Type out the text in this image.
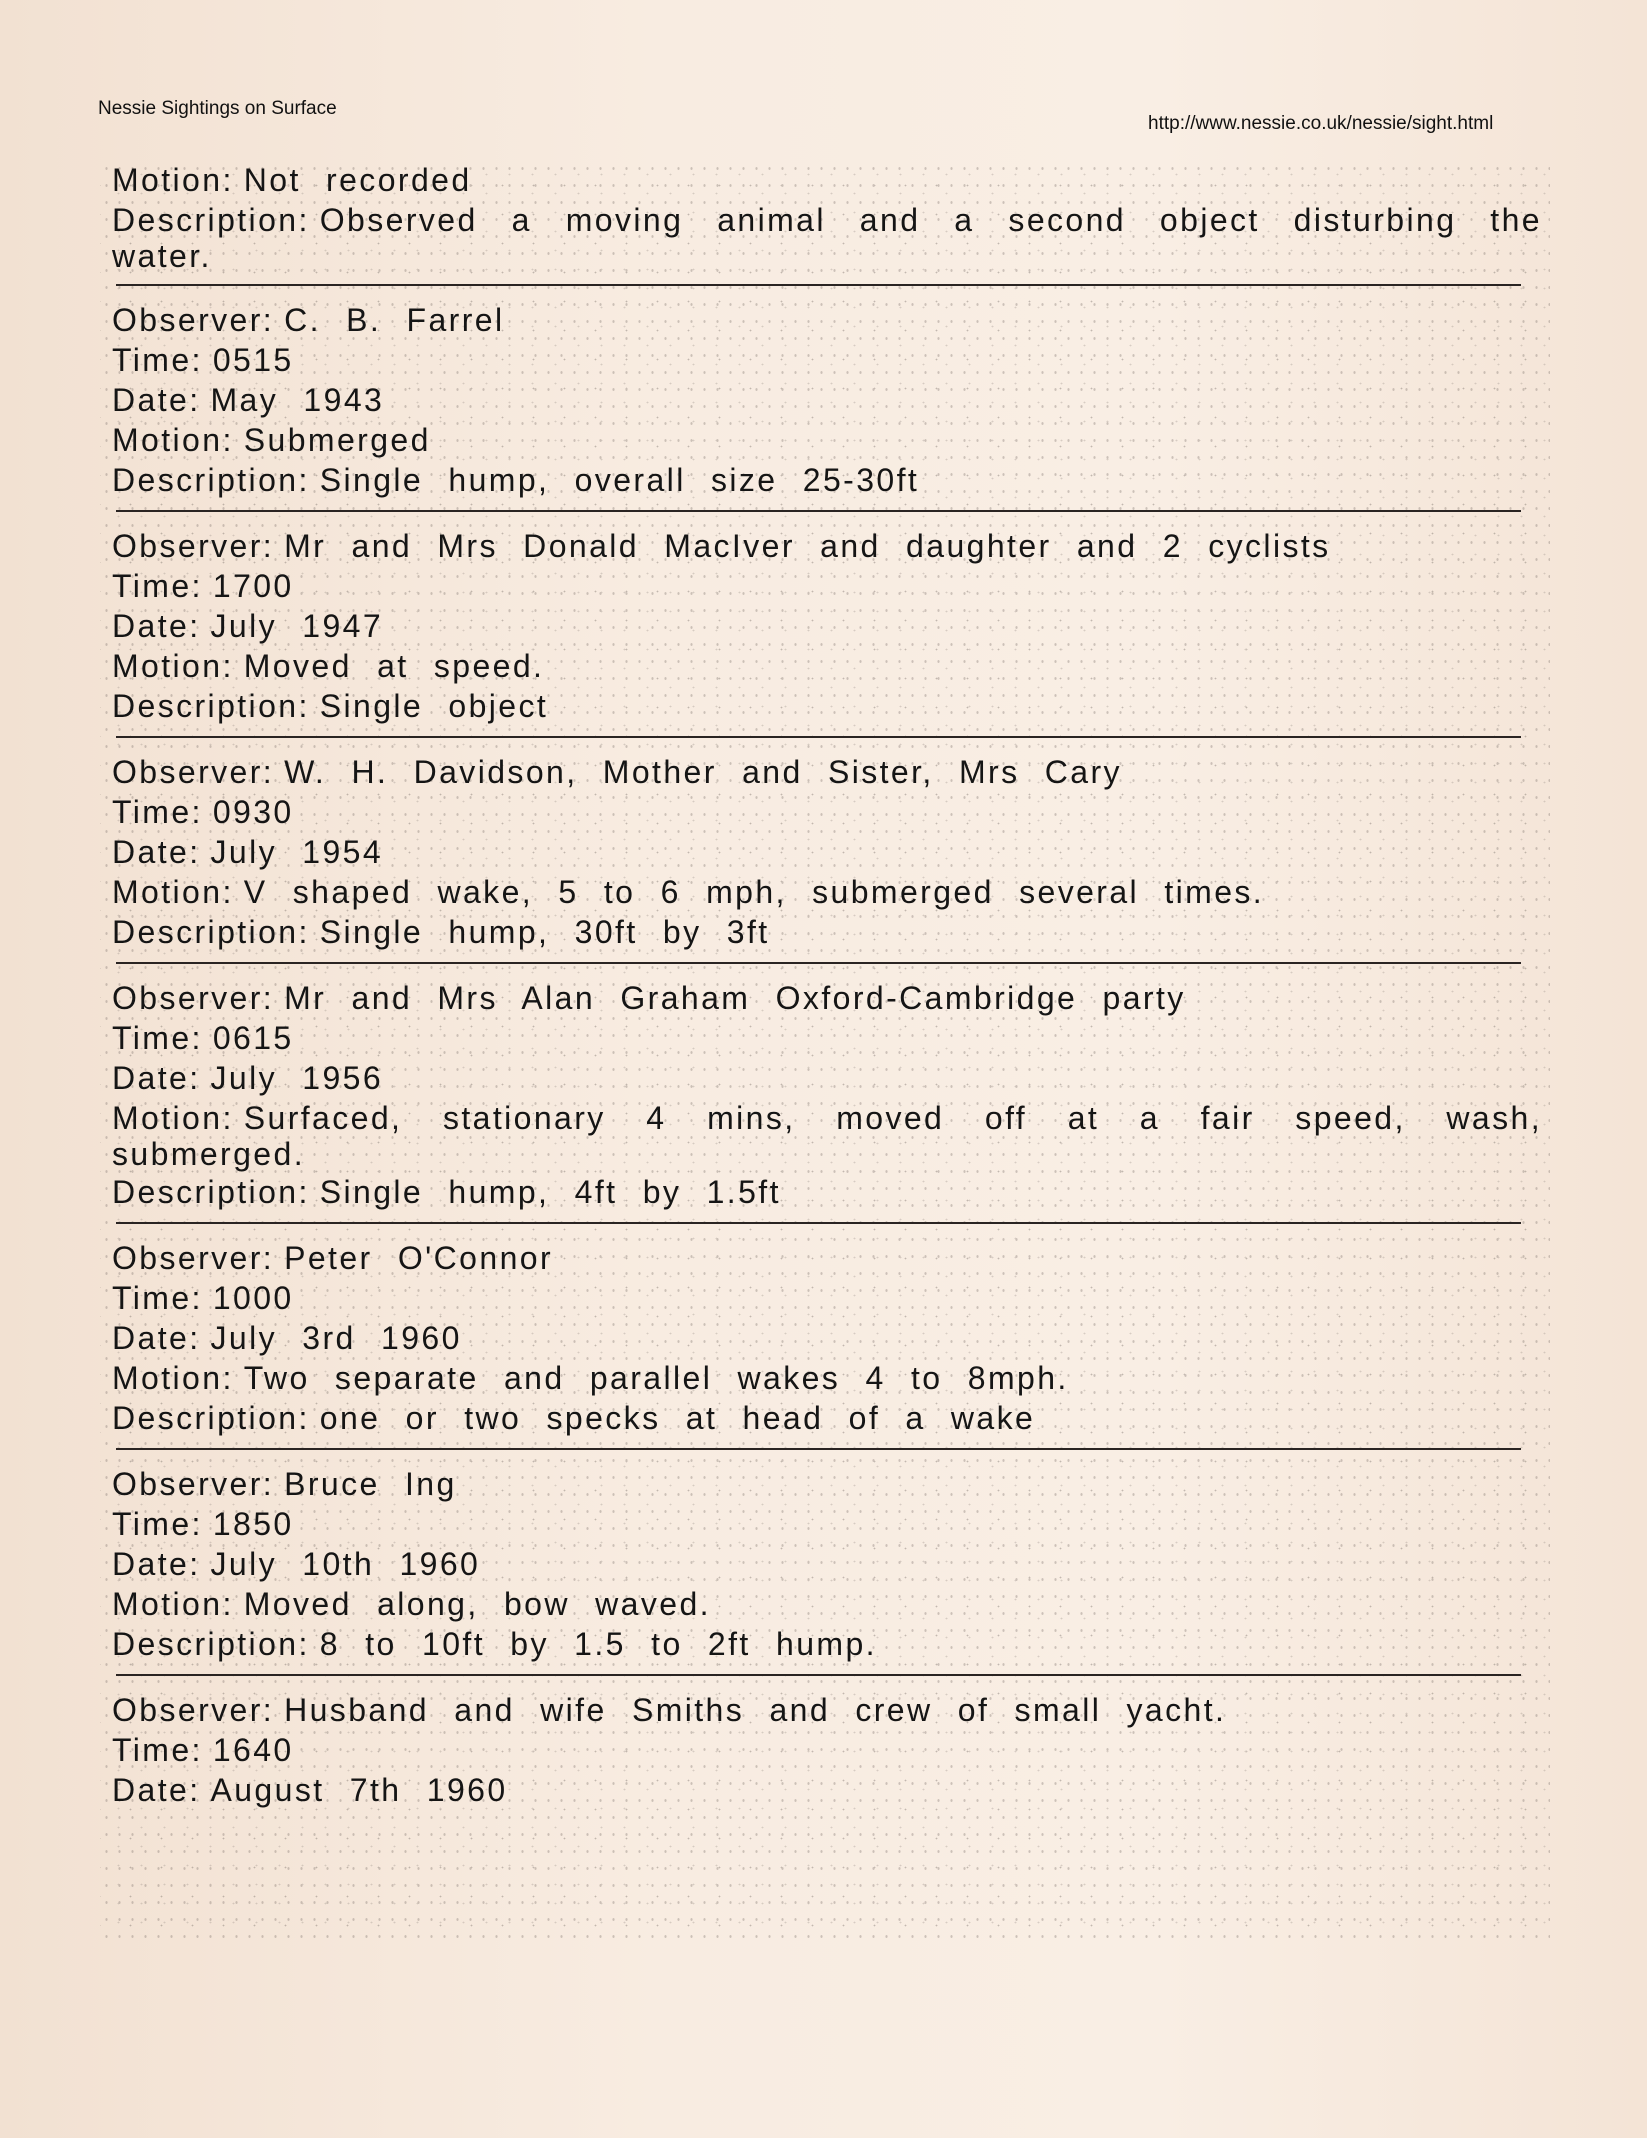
Nessie Sightings on Surface
http://www.nessie.co.uk/nessie/sight.html
Motion: Not recorded
Description: Observed a moving animal and a second object disturbing the water.
Observer: C. B. Farrel
Time: 0515
Date: May 1943
Motion: Submerged
Description: Single hump, overall size 25-30ft
Observer: Mr and Mrs Donald MacIver and daughter and 2 cyclists
Time: 1700
Date: July 1947
Motion: Moved at speed.
Description: Single object
Observer: W. H. Davidson, Mother and Sister, Mrs Cary
Time: 0930
Date: July 1954
Motion: V shaped wake, 5 to 6 mph, submerged several times.
Description: Single hump, 30ft by 3ft
Observer: Mr and Mrs Alan Graham Oxford-Cambridge party
Time: 0615
Date: July 1956
Motion: Surfaced, stationary 4 mins, moved off at a fair speed, wash, submerged.
Description: Single hump, 4ft by 1.5ft
Observer: Peter O'Connor
Time: 1000
Date: July 3rd 1960
Motion: Two separate and parallel wakes 4 to 8mph.
Description: one or two specks at head of a wake
Observer: Bruce Ing
Time: 1850
Date: July 10th 1960
Motion: Moved along, bow waved.
Description: 8 to 10ft by 1.5 to 2ft hump.
Observer: Husband and wife Smiths and crew of small yacht.
Time: 1640
Date: August 7th 1960
